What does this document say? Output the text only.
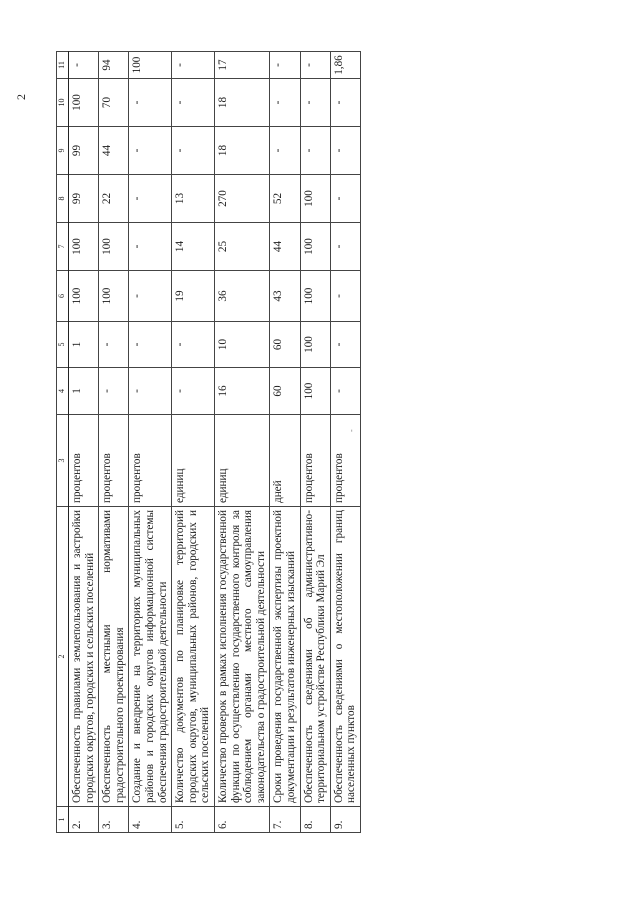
2
1	2	3	4	5	6	7	8	9	10	11
2.	Обеспеченность правилами землепользования и застройки городских округов, городских и сельских поселений	процентов	1	1	100	100	99	99	100	-
3.	Обеспеченность местными нормативами градостроительного проектирования	процентов	-	-	100	100	22	44	70	94
4.	Создание и внедрение на территориях муниципальных районов и городских округов информационной системы обеспечения градостроительной деятельности	процентов	-	-	-	-	-	-	-	100
5.	Количество документов по планировке территорий городских округов, муниципальных районов, городских и сельских поселений	единиц	-	-	19	14	13	-	-	-
6.	Количество проверок в рамках исполнения государственной функции по осуществлению государственного контроля за соблюдением органами местного самоуправления законодательства о градостроительной деятельности	единиц	16	10	36	25	270	18	18	17
7.	Сроки проведения государственной экспертизы проектной документации и результатов инженерных изысканий	дней	60	60	43	44	52	-	-	-
8.	Обеспеченность сведениями об административно-территориальном устройстве Республики Марий Эл	процентов	100	100	100	100	100	-	-	-
9.	Обеспеченность сведениями о местоположении границ населенных пунктов	процентов	-	-	-	-	-	-	-	1,86
-
